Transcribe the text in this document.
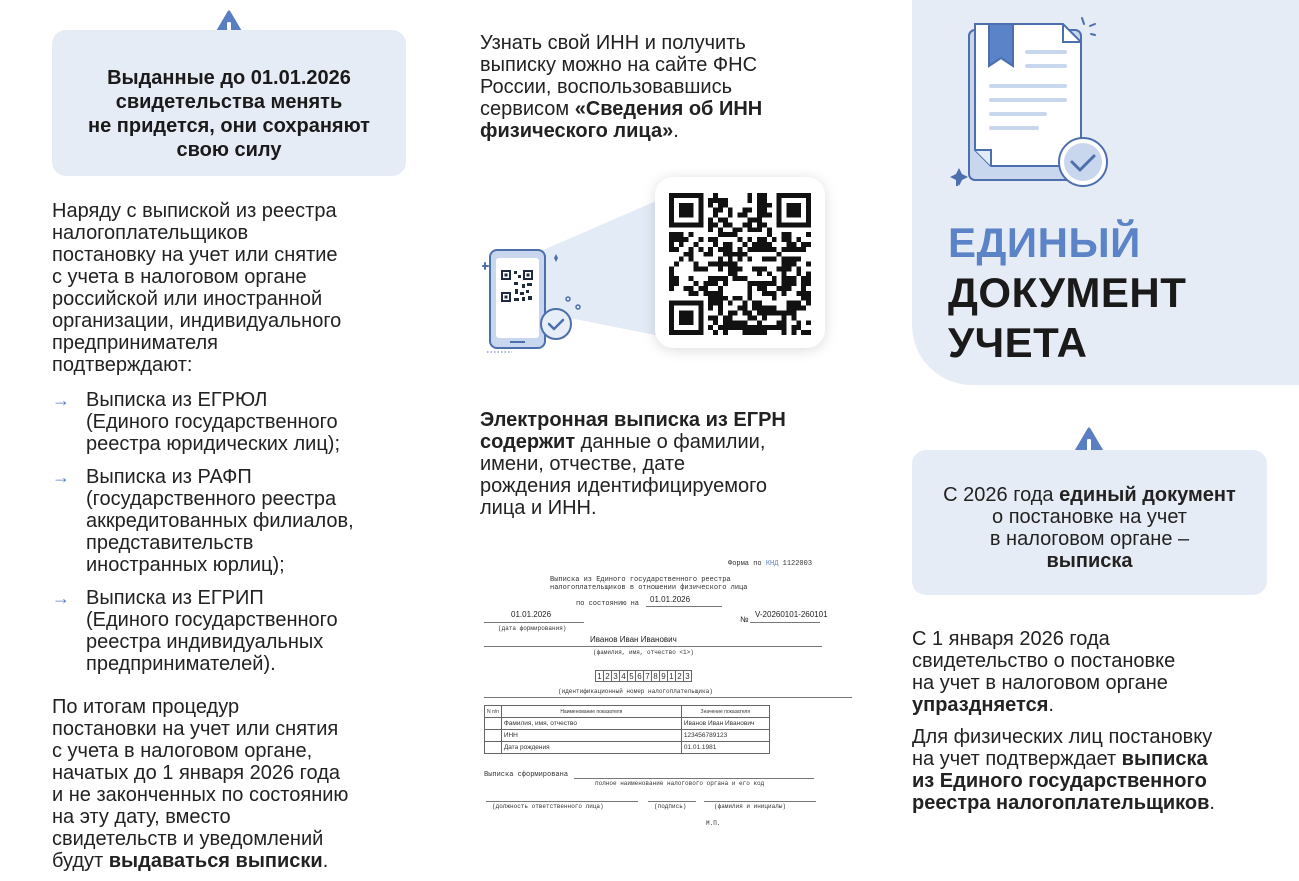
Выданные до 01.01.2026
свидетельства менять
не придется, они сохраняют
свою силу
Наряду с выпиской из реестра
налогоплательщиков
постановку на учет или снятие
с учета в налоговом органе
российской или иностранной
организации, индивидуального
предпринимателя
подтверждают:
→ Выписка из ЕГРЮЛ
(Единого государственного
реестра юридических лиц);
→ Выписка из РАФП
(государственного реестра
аккредитованных филиалов,
представительств
иностранных юрлиц);
→ Выписка из ЕГРИП
(Единого государственного
реестра индивидуальных
предпринимателей).
По итогам процедур
постановки на учет или снятия
с учета в налоговом органе,
начатых до 1 января 2026 года
и не законченных по состоянию
на эту дату, вместо
свидетельств и уведомлений
будут выдаваться выписки.
Узнать свой ИНН и получить
выписку можно на сайте ФНС
России, воспользовавшись
сервисом «Сведения об ИНН
физического лица».
Электронная выписка из ЕГРН
содержит данные о фамилии,
имени, отчестве, дате
рождения идентифицируемого
лица и ИНН.
Форма по КНД 1122003
Выписка из Единого государственного реестра
налогоплательщиков в отношении физического лица
по состоянию на 01.01.2026
01.01.2026
(дата формирования)
№
V-20260101-260101
Иванов Иван Иванович
(фамилия, имя, отчество <1>)
1 2 3 4 5 6 7 8 9 1 2 3
(идентификационный номер налогоплательщика)
N п/п	Наименование показателя	Значение показателя
	Фамилия, имя, отчество	Иванов Иван Иванович
	ИНН	123456789123
	Дата рождения	01.01.1981
Выписка сформирована
полное наименование налогового органа и его код
(должность ответственного лица)	(подпись)	(фамилия и инициалы)
М.П.
ЕДИНЫЙ
ДОКУМЕНТ
УЧЕТА
С 2026 года единый документ
о постановке на учет
в налоговом органе –
выписка
С 1 января 2026 года
свидетельство о постановке
на учет в налоговом органе
упраздняется.
Для физических лиц постановку
на учет подтверждает выписка
из Единого государственного
реестра налогоплательщиков.
